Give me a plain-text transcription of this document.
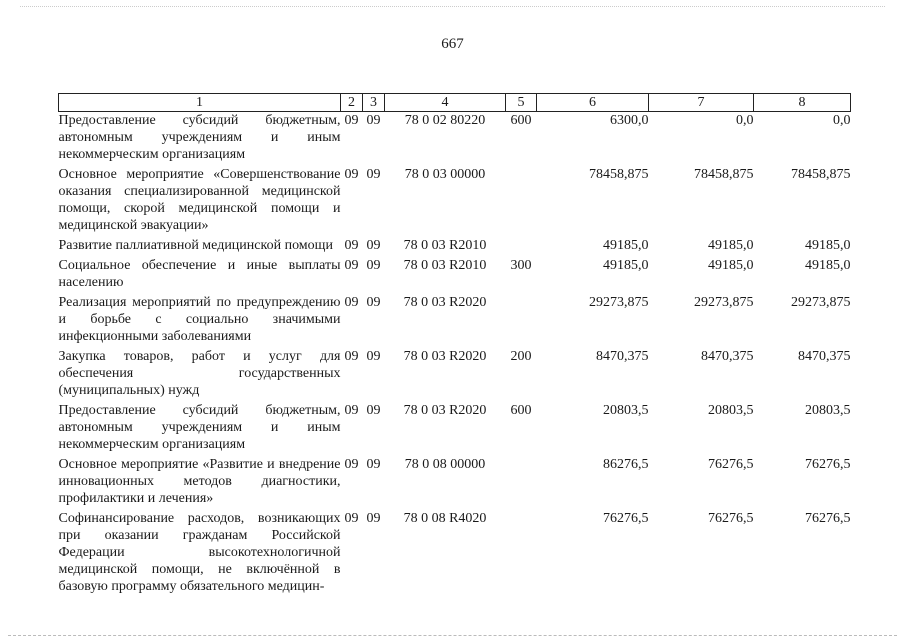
667
1	2	3	4	5	6	7	8
Предоставление субсидий бюджетным, автономным учреждениям и иным некоммерческим организациям	09	09	78 0 02 80220	600	6300,0	0,0	0,0
Основное мероприятие «Совершенствование оказания специализированной медицинской помощи, скорой медицинской помощи и медицинской эвакуации»	09	09	78 0 03 00000		78458,875	78458,875	78458,875
Развитие паллиативной медицинской помощи	09	09	78 0 03 R2010		49185,0	49185,0	49185,0
Социальное обеспечение и иные выплаты населению	09	09	78 0 03 R2010	300	49185,0	49185,0	49185,0
Реализация мероприятий по предупреждению и борьбе с социально значимыми инфекционными заболеваниями	09	09	78 0 03 R2020		29273,875	29273,875	29273,875
Закупка товаров, работ и услуг для обеспечения государственных (муниципальных) нужд	09	09	78 0 03 R2020	200	8470,375	8470,375	8470,375
Предоставление субсидий бюджетным, автономным учреждениям и иным некоммерческим организациям	09	09	78 0 03 R2020	600	20803,5	20803,5	20803,5
Основное мероприятие «Развитие и внедрение инновационных методов диагностики, профилактики и лечения»	09	09	78 0 08 00000		86276,5	76276,5	76276,5
Софинансирование расходов, возникающих при оказании гражданам Российской Федерации высокотехнологичной медицинской помощи, не включённой в базовую программу обязательного медицин-	09	09	78 0 08 R4020		76276,5	76276,5	76276,5
